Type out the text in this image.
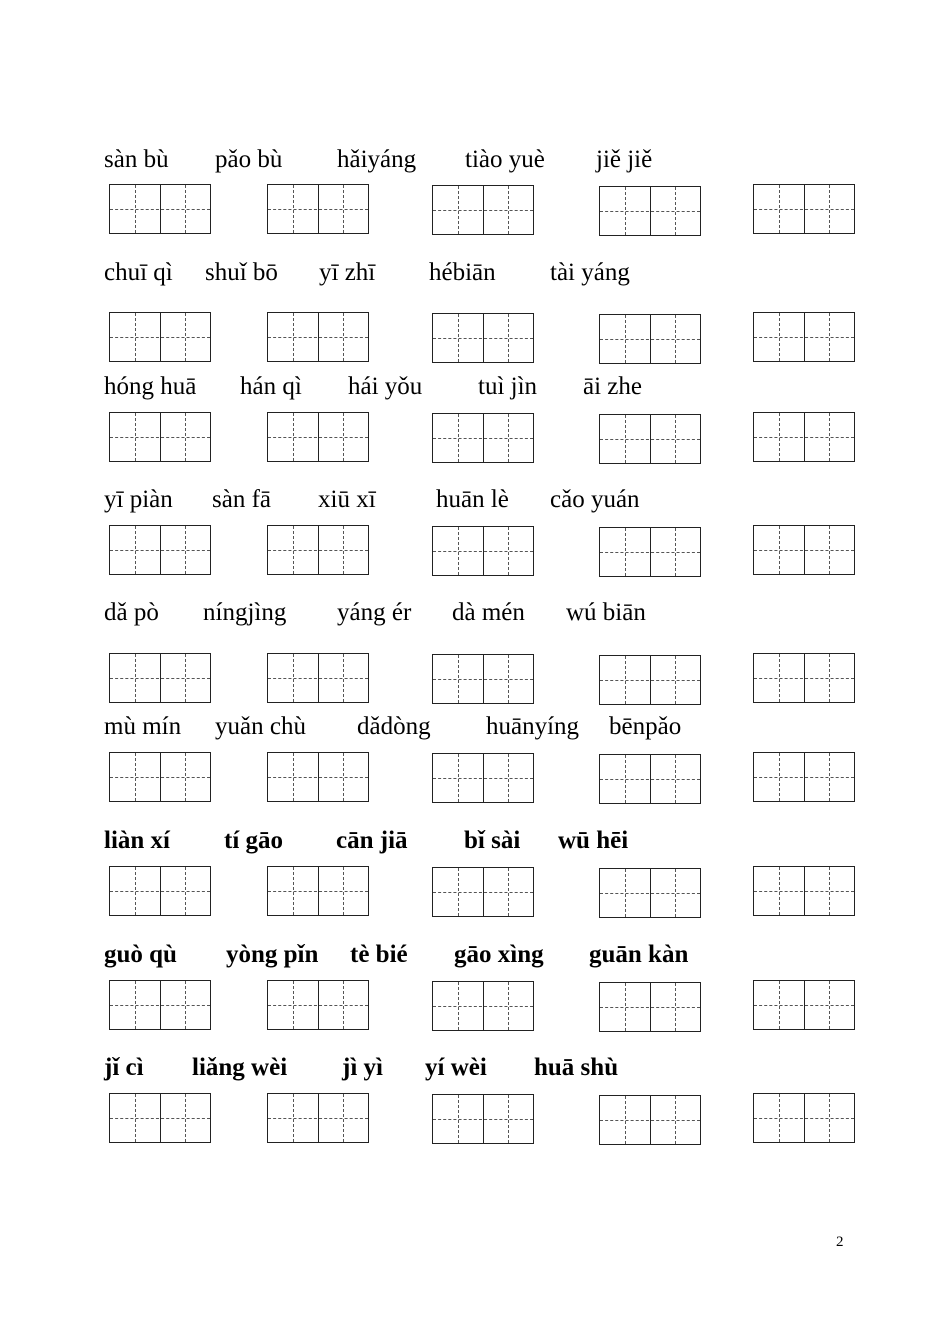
sàn bù pǎo bù hǎiyáng tiào yuè jiě jiě
chuī qì shuǐ bō yī zhī hébiān tài yáng
hóng huā hán qì hái yǒu tuì jìn āi zhe
yī piàn sàn fā xiū xī huān lè cǎo yuán
dǎ pò níngjìng yáng ér dà mén wú biān
mù mín yuǎn chù dǎdòng huānyíng bēnpǎo
liàn xí tí gāo cān jiā bǐ sài wū hēi
guò qù yòng pǐn tè bié gāo xìng guān kàn
jǐ cì liǎng wèi jì yì yí wèi huā shù
2
